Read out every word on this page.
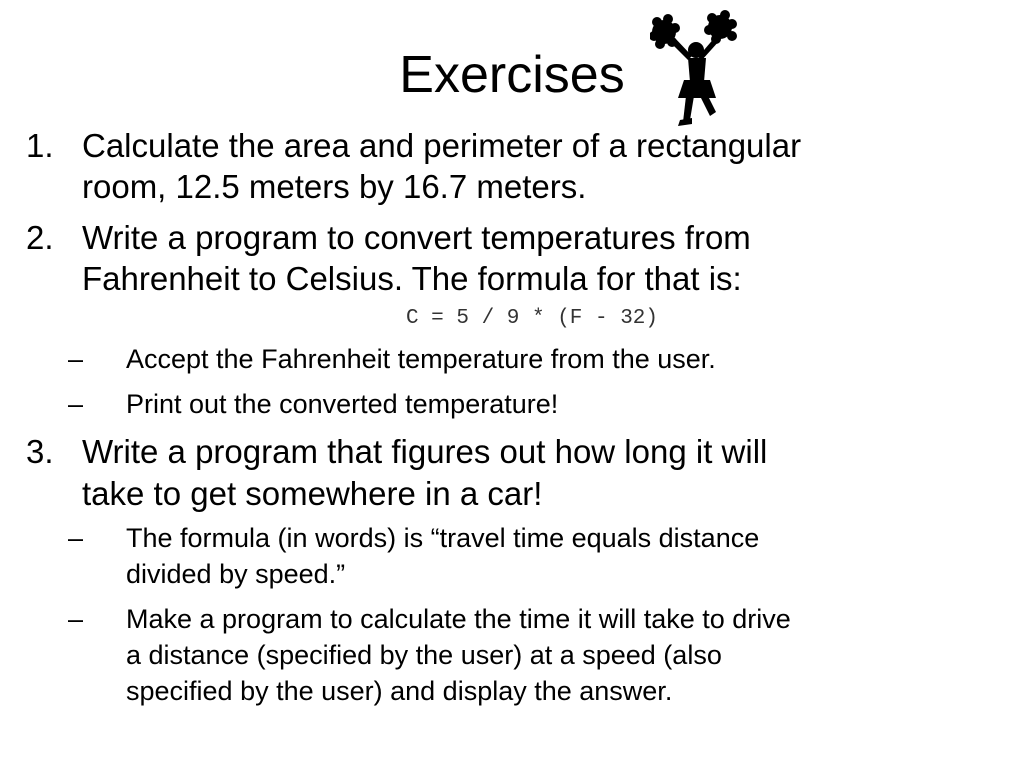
Exercises
1. Calculate the area and perimeter of a rectangular
room, 12.5 meters by 16.7 meters.
2. Write a program to convert temperatures from
Fahrenheit to Celsius. The formula for that is:
C = 5 / 9 * (F - 32)
– Accept the Fahrenheit temperature from the user.
– Print out the converted temperature!
3. Write a program that figures out how long it will
take to get somewhere in a car!
– The formula (in words) is “travel time equals distance
divided by speed.”
– Make a program to calculate the time it will take to drive
a distance (specified by the user) at a speed (also
specified by the user) and display the answer.
